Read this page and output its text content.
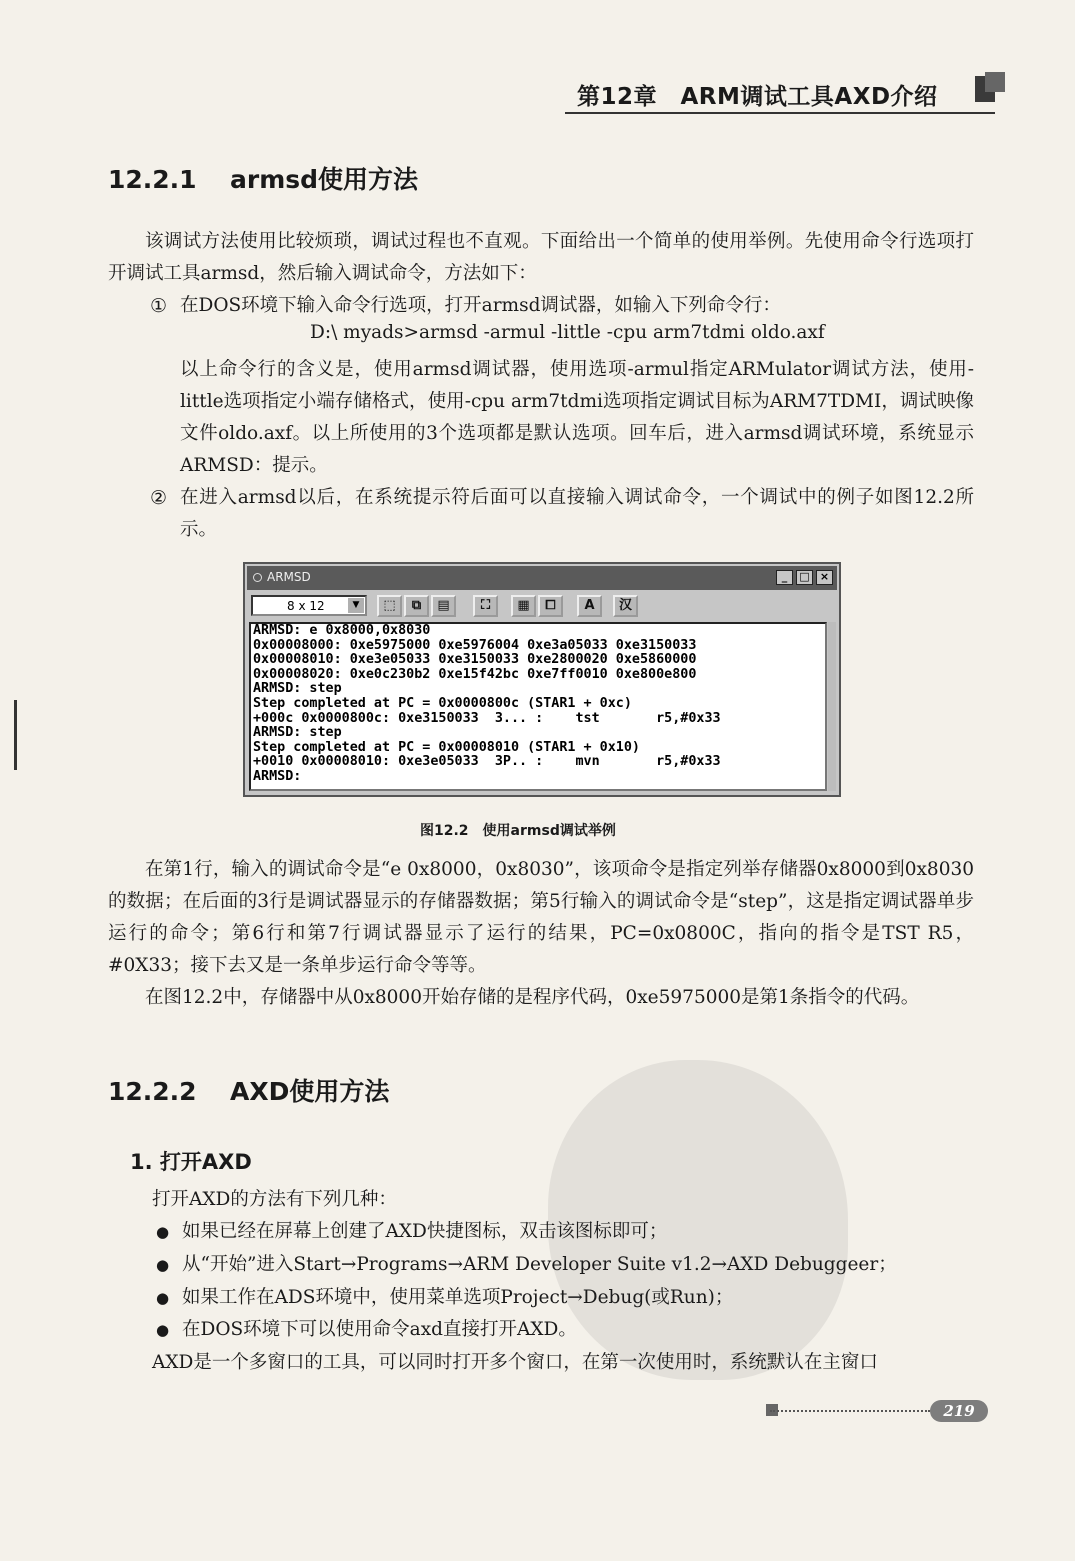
第12章　ARM调试工具AXD介绍
12.2.1 armsd使用方法
该调试方法使用比较烦琐，调试过程也不直观。下面给出一个简单的使用举例。先使用命令行选项打开调试工具armsd，然后输入调试命令，方法如下：
① 在DOS环境下输入命令行选项，打开armsd调试器，如输入下列命令行：
D:\ myads>armsd -armul -little -cpu arm7tdmi oldo.axf
以上命令行的含义是，使用armsd调试器，使用选项-armul指定ARMulator调试方法，使用-little选项指定小端存储格式，使用-cpu arm7tdmi选项指定调试目标为ARM7TDMI，调试映像文件oldo.axf。以上所使用的3个选项都是默认选项。回车后，进入armsd调试环境，系统显示ARMSD：提示。
② 在进入armsd以后，在系统提示符后面可以直接输入调试命令，一个调试中的例子如图12.2所示。
ARMSD	_	□ ×
8 x 12	▼	⬚	⧉	▤	⛶	▦	⧠	A	汉
ARMSD: e 0x8000,0x8030
0x00008000: 0xe5975000 0xe5976004 0xe3a05033 0xe3150033
0x00008010: 0xe3e05033 0xe3150033 0xe2800020 0xe5860000
0x00008020: 0xe0c230b2 0xe15f42bc 0xe7ff0010 0xe800e800
ARMSD: step
Step completed at PC = 0x0000800c (STAR1 + 0xc)
+000c 0x0000800c: 0xe3150033  3... :    tst       r5,#0x33
ARMSD: step
Step completed at PC = 0x00008010 (STAR1 + 0x10)
+0010 0x00008010: 0xe3e05033  3P.. :    mvn       r5,#0x33
ARMSD:
图12.2　使用armsd调试举例
在第1行，输入的调试命令是“e 0x8000，0x8030”，该项命令是指定列举存储器0x8000到0x8030的数据；在后面的3行是调试器显示的存储器数据；第5行输入的调试命令是“step”，这是指定调试器单步运行的命令；第6行和第7行调试器显示了运行的结果，PC=0x0800C，指向的指令是TST R5，#0X33；接下去又是一条单步运行命令等等。
在图12.2中，存储器中从0x8000开始存储的是程序代码，0xe5975000是第1条指令的代码。
12.2.2 AXD使用方法
1. 打开AXD
打开AXD的方法有下列几种：
● 如果已经在屏幕上创建了AXD快捷图标，双击该图标即可；
● 从“开始”进入Start→Programs→ARM Developer Suite v1.2→AXD Debuggeer；
● 如果工作在ADS环境中，使用菜单选项Project→Debug(或Run)；
● 在DOS环境下可以使用命令axd直接打开AXD。
AXD是一个多窗口的工具，可以同时打开多个窗口，在第一次使用时，系统默认在主窗口
219
